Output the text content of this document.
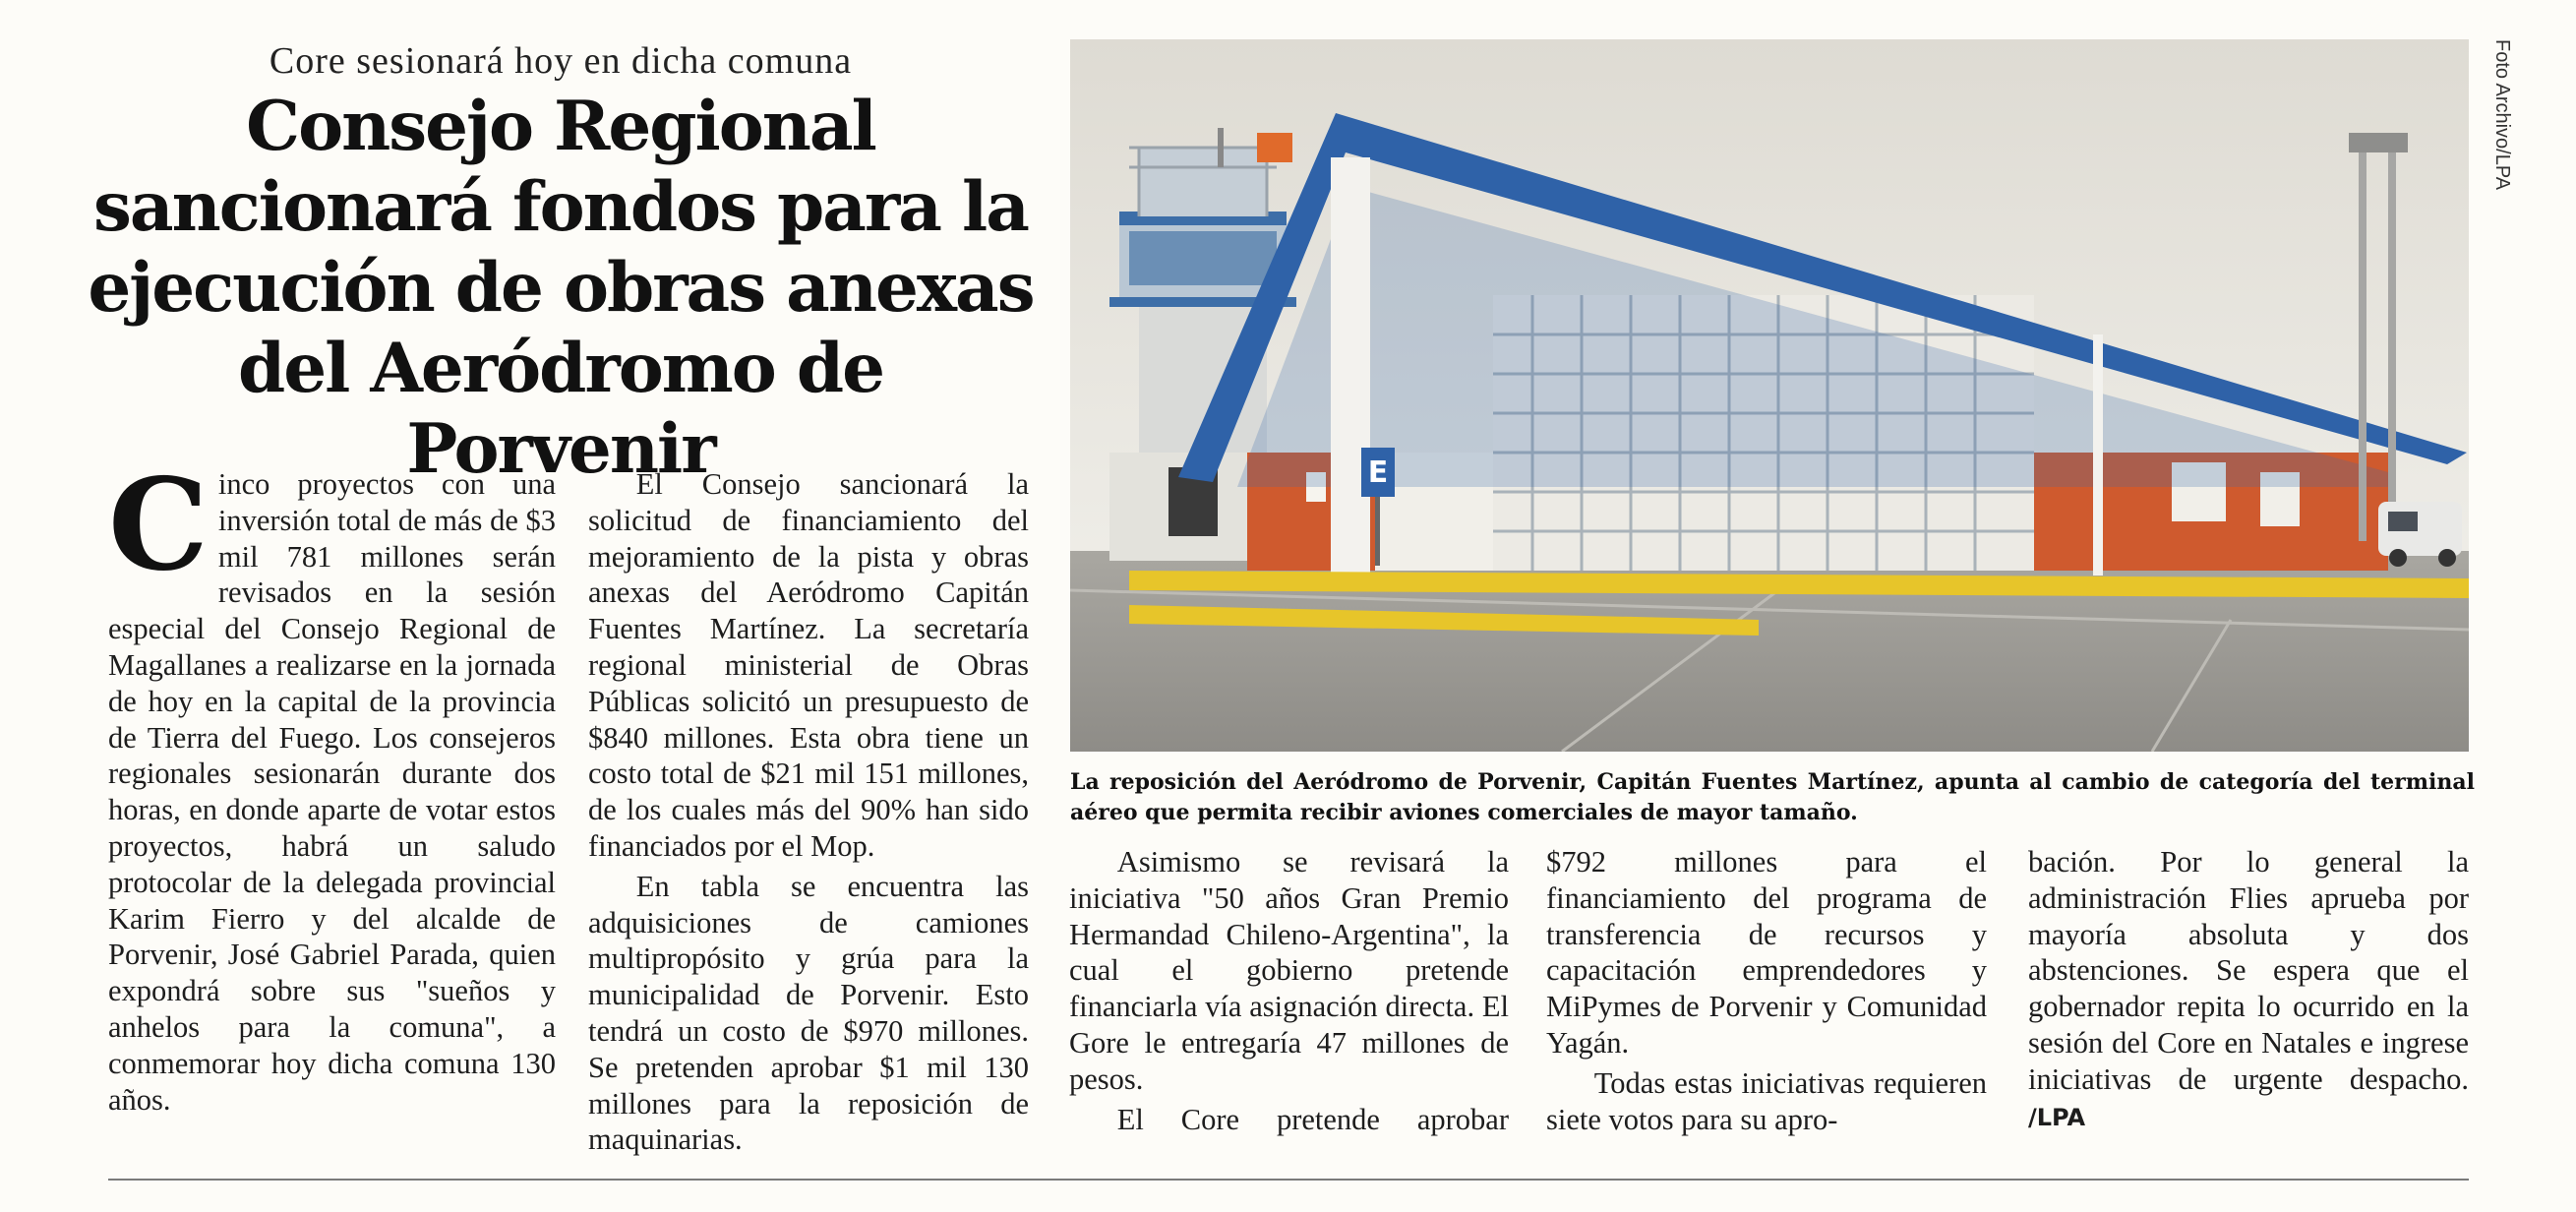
Core sesionará hoy en dicha comuna
Consejo Regional sancionará fondos para la ejecución de obras anexas del Aeródromo de Porvenir

Cinco proyectos con una inversión total de más de $3 mil 781 millones serán revisados en la sesión especial del Consejo Regional de Magallanes a realizarse en la jornada de hoy en la capital de la provincia de Tierra del Fuego. Los consejeros regionales sesionarán durante dos horas, en donde aparte de votar estos proyectos, habrá un saludo protocolar de la delegada provincial Karim Fierro y del alcalde de Porvenir, José Gabriel Parada, quien expondrá sobre sus "sueños y anhelos para la comuna", a conmemorar hoy dicha comuna 130 años.

El Consejo sancionará la solicitud de financiamiento del mejoramiento de la pista y obras anexas del Aeródromo Capitán Fuentes Martínez. La secretaría regional ministerial de Obras Públicas solicitó un presupuesto de $840 millones. Esta obra tiene un costo total de $21 mil 151 millones, de los cuales más del 90% han sido financiados por el Mop.

En tabla se encuentra las adquisiciones de camiones multipropósito y grúa para la municipalidad de Porvenir. Esto tendrá un costo de $970 millones. Se pretenden aprobar $1 mil 130 millones para la reposición de maquinarias.

Asimismo se revisará la iniciativa "50 años Gran Premio Hermandad Chileno-Argentina", la cual el gobierno pretende financiarla vía asignación directa. El Gore le entregaría 47 millones de pesos.

El Core pretende aprobar

$792 millones para el financiamiento del programa de transferencia de recursos y capacitación emprendedores y MiPymes de Porvenir y Comunidad Yagán.

Todas estas iniciativas requieren siete votos para su apro-

bación. Por lo general la administración Flies aprueba por mayoría absoluta y dos abstenciones. Se espera que el gobernador repita lo ocurrido en la sesión del Core en Natales e ingrese iniciativas de urgente despacho. /LPA

E
Foto Archivo/LPA
La reposición del Aeródromo de Porvenir, Capitán Fuentes Martínez, apunta al cambio de categoría del terminal aéreo que permita recibir aviones comerciales de mayor tamaño.
